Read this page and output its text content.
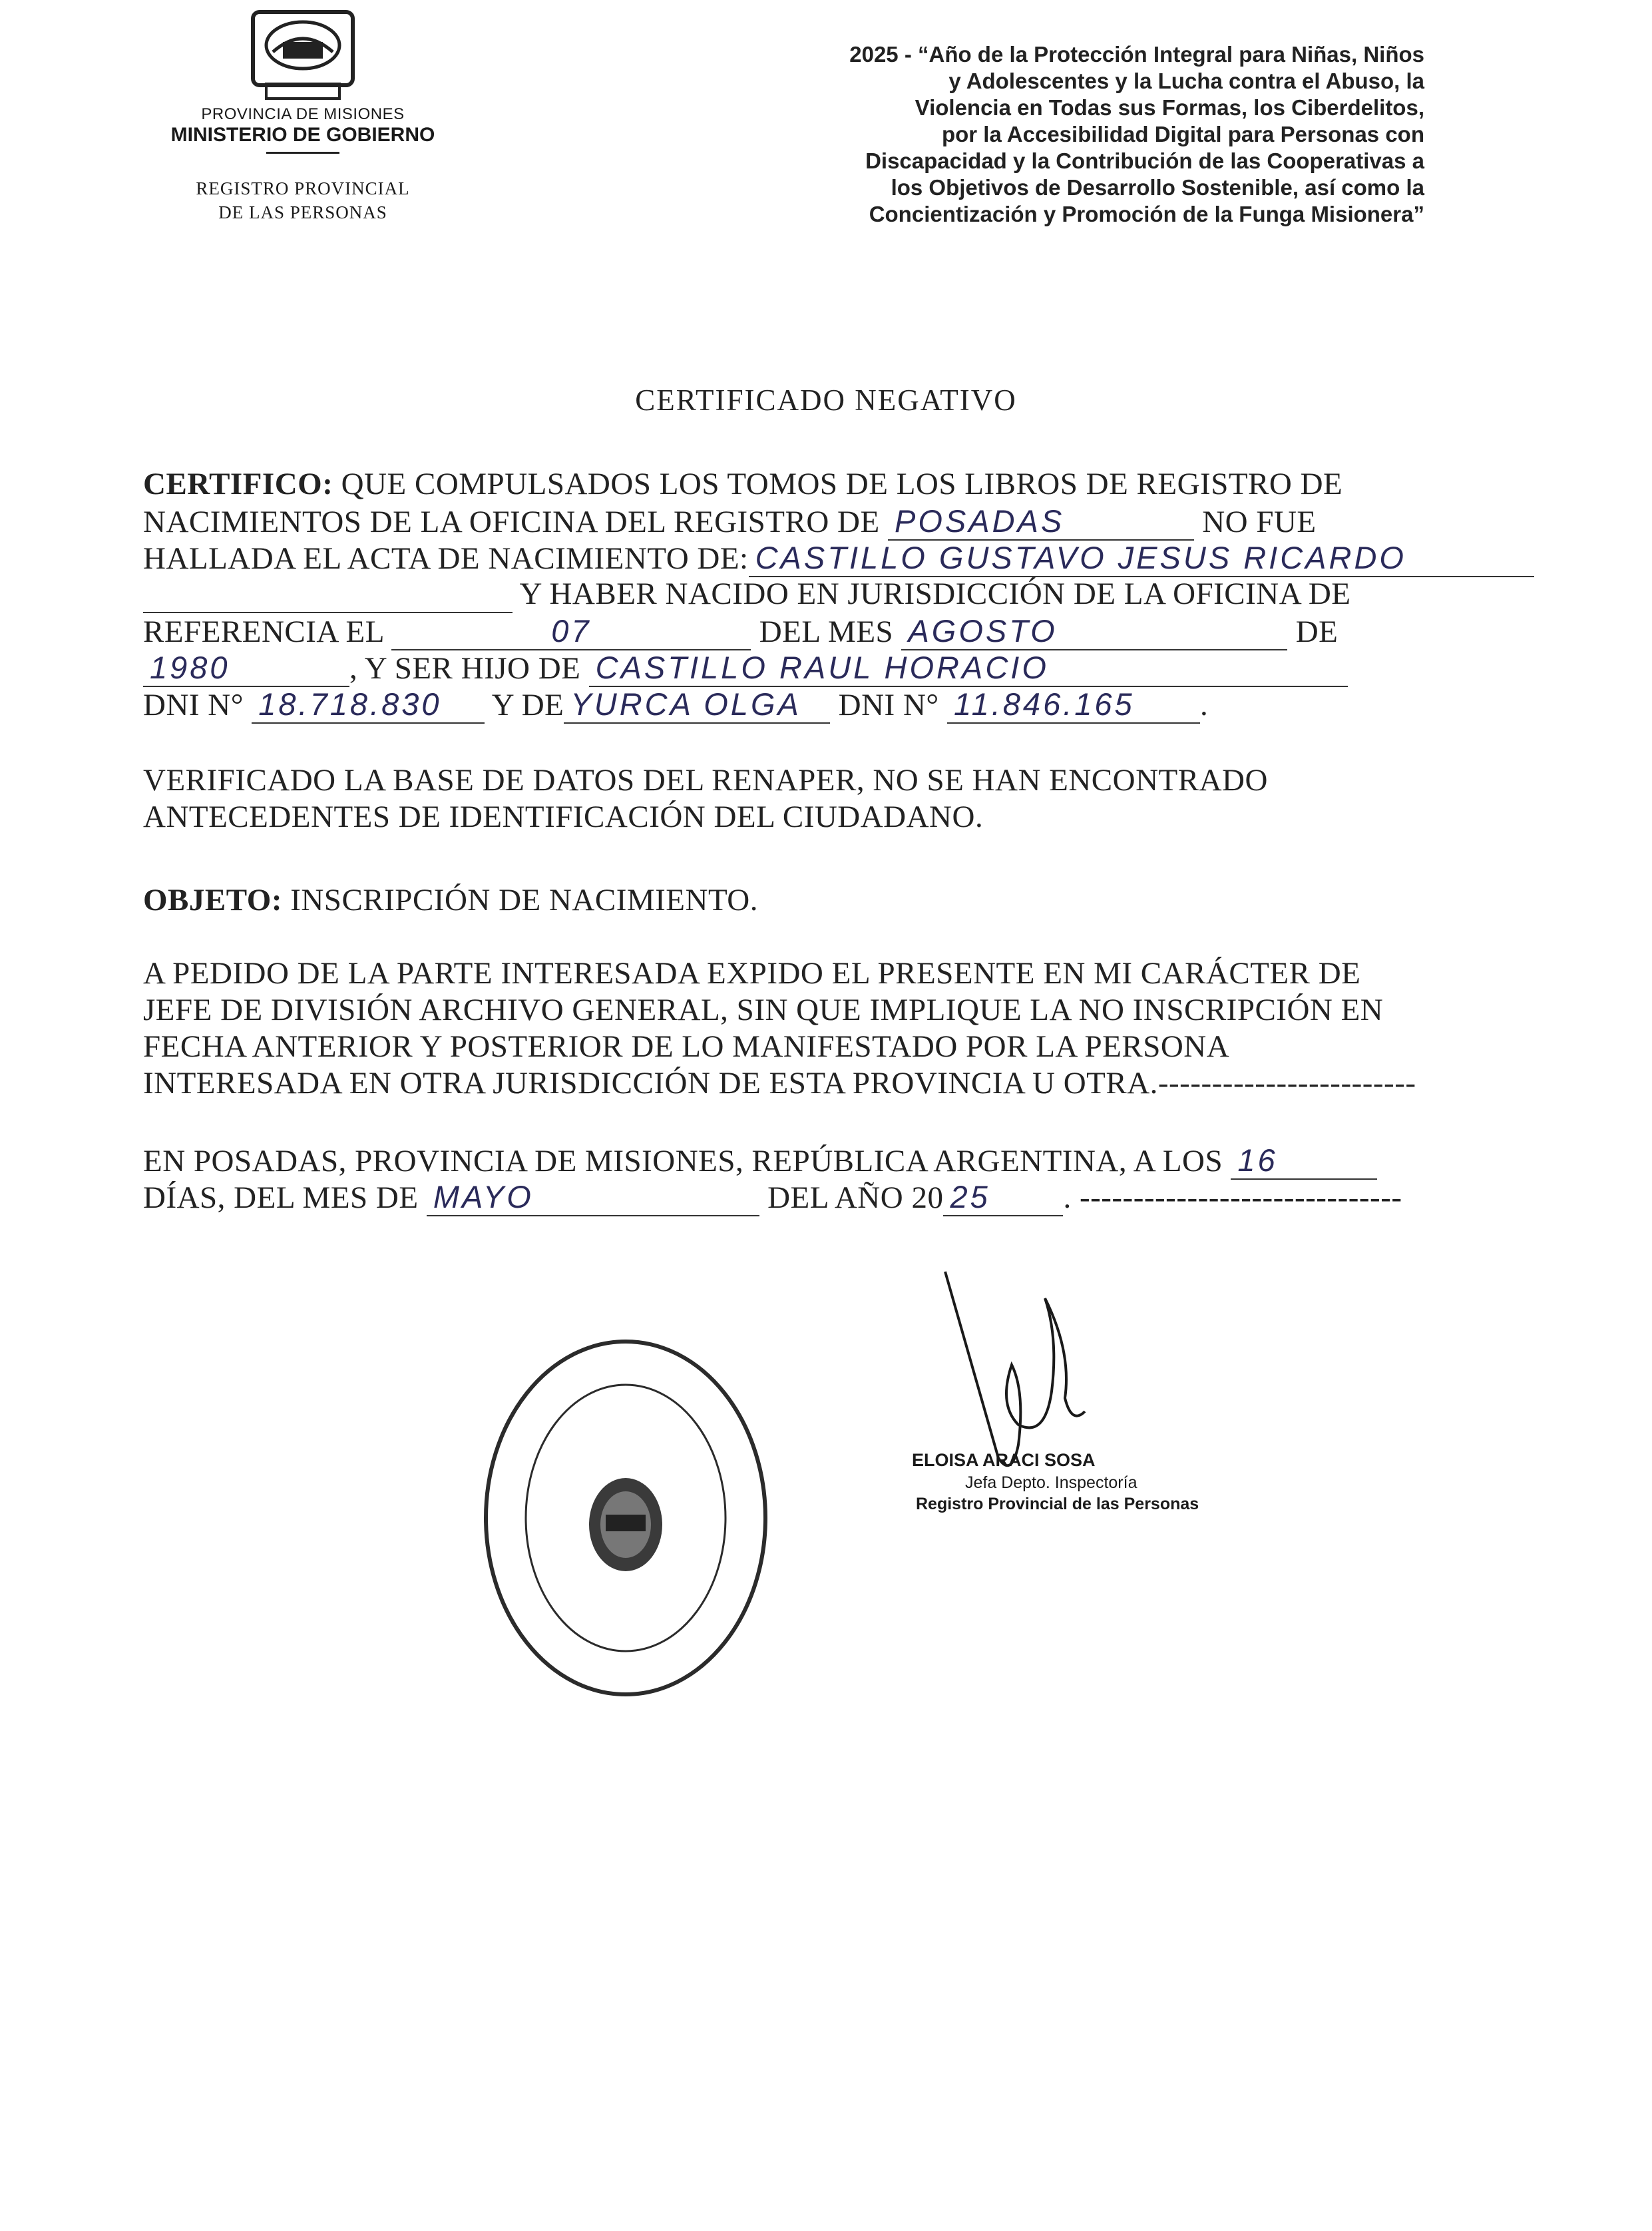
PROVINCIA DE MISIONES
MINISTERIO DE GOBIERNO
REGISTRO PROVINCIAL
DE LAS PERSONAS
2025 - “Año de la Protección Integral para Niñas, Niños
y Adolescentes y la Lucha contra el Abuso, la
Violencia en Todas sus Formas, los Ciberdelitos,
por la Accesibilidad Digital para Personas con
Discapacidad y la Contribución de las Cooperativas a
los Objetivos de Desarrollo Sostenible, así como la
Concientización y Promoción de la Funga Misionera”
CERTIFICADO NEGATIVO
CERTIFICO: QUE COMPULSADOS LOS TOMOS DE LOS LIBROS DE REGISTRO DE
NACIMIENTOS DE LA OFICINA DEL REGISTRO DE POSADAS	NO FUE
HALLADA EL ACTA DE NACIMIENTO DE: CASTILLO GUSTAVO JESUS RICARDO
Y HABER NACIDO EN JURISDICCIÓN DE LA OFICINA DE
REFERENCIA EL	07	DEL MES AGOSTO	DE
1980	, Y SER HIJO DE CASTILLO RAUL HORACIO
DNI N° 18.718.830 Y DE YURCA OLGA DNI N° 11.846.165 .
VERIFICADO LA BASE DE DATOS DEL RENAPER, NO SE HAN ENCONTRADO
ANTECEDENTES DE IDENTIFICACIÓN DEL CIUDADANO.
OBJETO: INSCRIPCIÓN DE NACIMIENTO.
A PEDIDO DE LA PARTE INTERESADA EXPIDO EL PRESENTE EN MI CARÁCTER DE
JEFE DE DIVISIÓN ARCHIVO GENERAL, SIN QUE IMPLIQUE LA NO INSCRIPCIÓN EN
FECHA ANTERIOR Y POSTERIOR DE LO MANIFESTADO POR LA PERSONA
INTERESADA EN OTRA JURISDICCIÓN DE ESTA PROVINCIA U OTRA.------------------------
EN POSADAS, PROVINCIA DE MISIONES, REPÚBLICA ARGENTINA, A LOS 16
DÍAS, DEL MES DE MAYO	DEL AÑO 20 25 . ------------------------------
ELOISA ARACI SOSA
Jefa Depto. Inspectoría
Registro Provincial de las Personas
